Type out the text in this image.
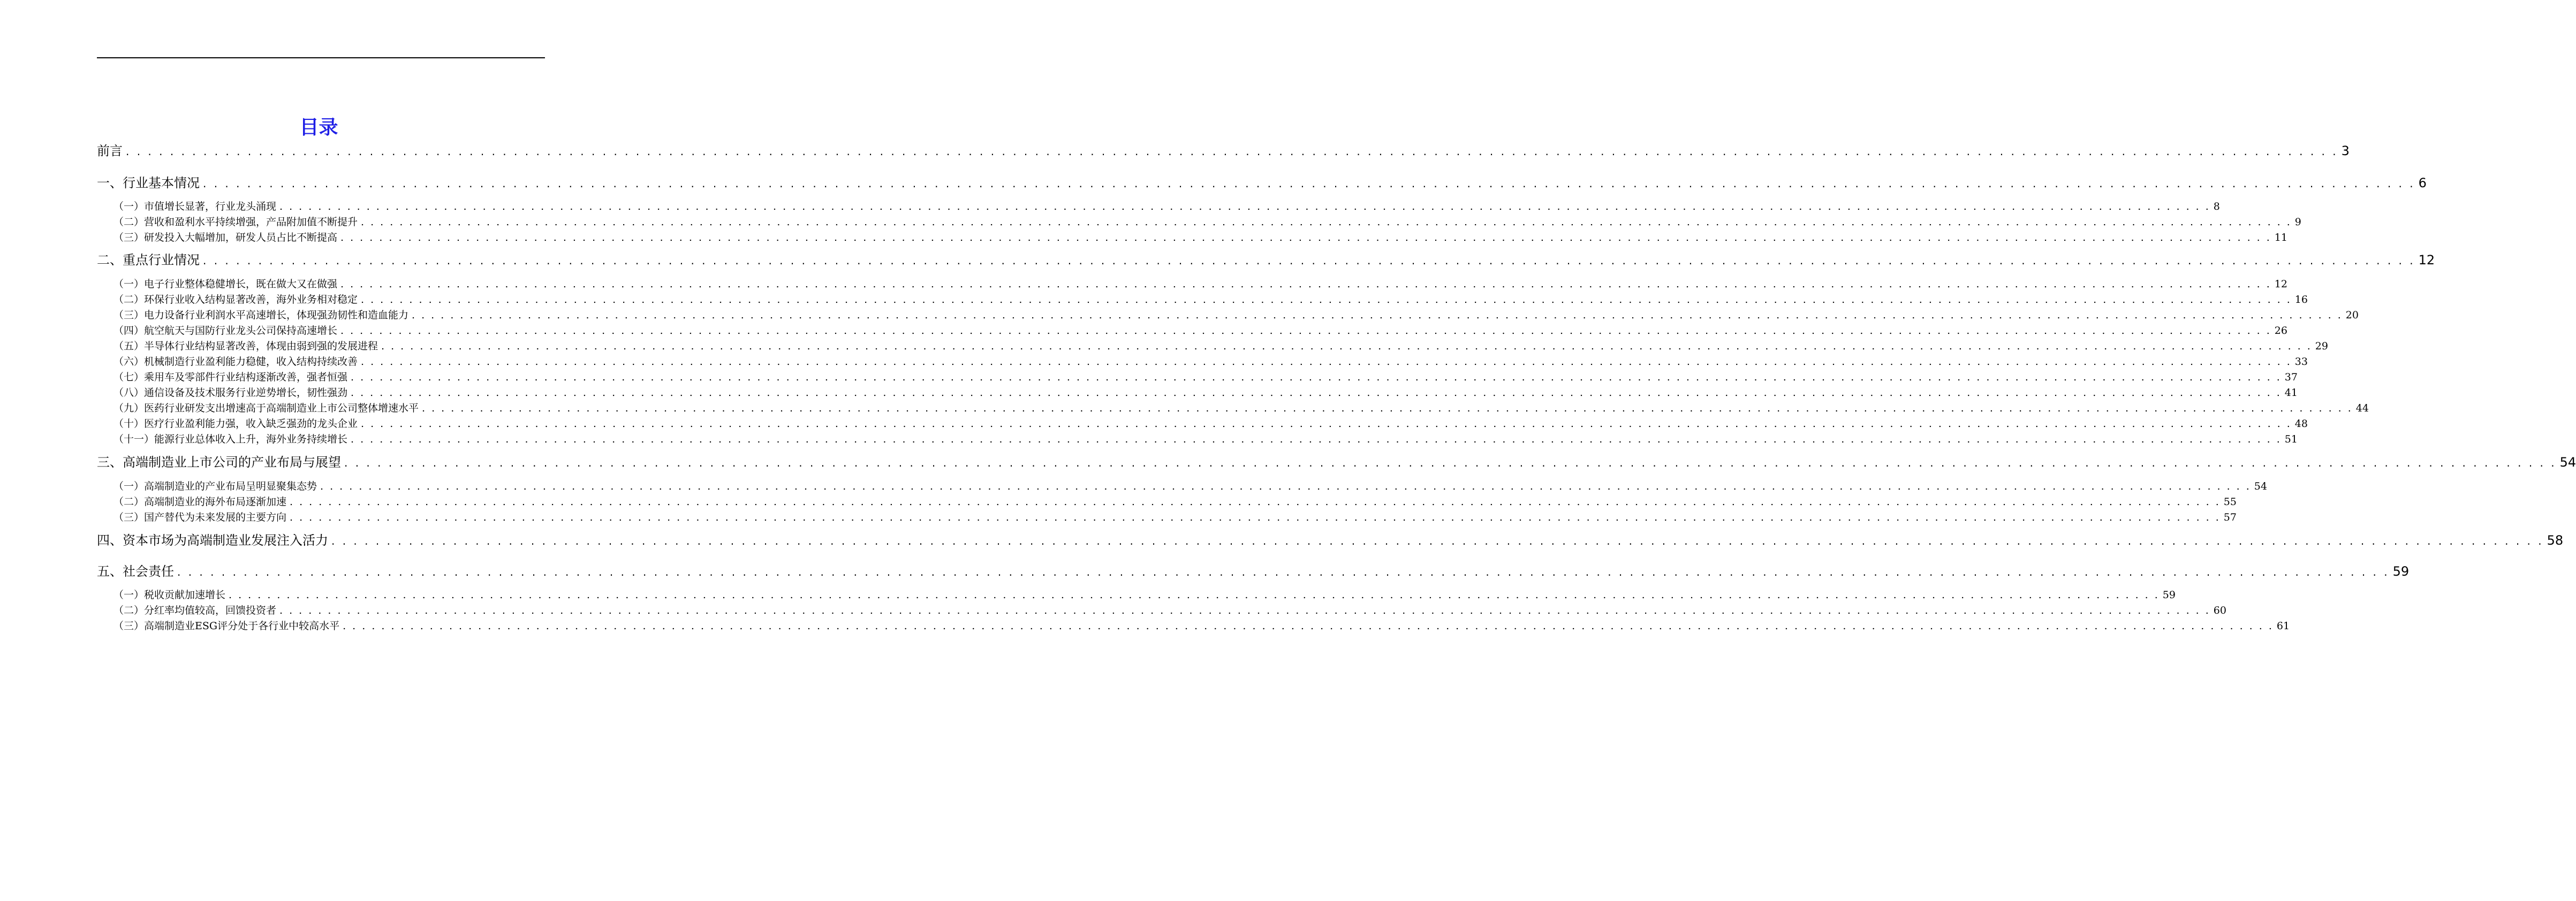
目录
前言 . . . . . . . . . . . . . . . . . . . . . . . . . . . . . . . . . . . . . . . . . . . . . . . . . . . . . . . . . . . . . . . . . . . . . . . . . . . . . . . . . . . . . . . . . . . . . . . . . . . . . . . . . . . . . . . . . . . . . . . . . . . . . . . . . . . . . . . . . . . . . . . . . . . . . . . . . . . . . . . . . . . . . . . . . . . . . . . . . . . . . . . . . . . . . . . . . . . . . . . . 3
一、行业基本情况 . . . . . . . . . . . . . . . . . . . . . . . . . . . . . . . . . . . . . . . . . . . . . . . . . . . . . . . . . . . . . . . . . . . . . . . . . . . . . . . . . . . . . . . . . . . . . . . . . . . . . . . . . . . . . . . . . . . . . . . . . . . . . . . . . . . . . . . . . . . . . . . . . . . . . . . . . . . . . . . . . . . . . . . . . . . . . . . . . . . . . . . . . . . . . . . . . . . . . . . . 6
（一）市值增长显著，行业龙头涌现 . . . . . . . . . . . . . . . . . . . . . . . . . . . . . . . . . . . . . . . . . . . . . . . . . . . . . . . . . . . . . . . . . . . . . . . . . . . . . . . . . . . . . . . . . . . . . . . . . . . . . . . . . . . . . . . . . . . . . . . . . . . . . . . . . . . . . . . . . . . . . . . . . . . . . . . . . . . . . . . . . . . . . . . . . . . . . . . . . . . . . . . . . . . . . . . . . . . . . . . . 8
（二）营收和盈利水平持续增强，产品附加值不断提升 . . . . . . . . . . . . . . . . . . . . . . . . . . . . . . . . . . . . . . . . . . . . . . . . . . . . . . . . . . . . . . . . . . . . . . . . . . . . . . . . . . . . . . . . . . . . . . . . . . . . . . . . . . . . . . . . . . . . . . . . . . . . . . . . . . . . . . . . . . . . . . . . . . . . . . . . . . . . . . . . . . . . . . . . . . . . . . . . . . . . . . . . . . . . . . . . . . . . . . . . 9
（三）研发投入大幅增加，研发人员占比不断提高 . . . . . . . . . . . . . . . . . . . . . . . . . . . . . . . . . . . . . . . . . . . . . . . . . . . . . . . . . . . . . . . . . . . . . . . . . . . . . . . . . . . . . . . . . . . . . . . . . . . . . . . . . . . . . . . . . . . . . . . . . . . . . . . . . . . . . . . . . . . . . . . . . . . . . . . . . . . . . . . . . . . . . . . . . . . . . . . . . . . . . . . . . . . . . . . . . . . . . . . . 11
二、重点行业情况 . . . . . . . . . . . . . . . . . . . . . . . . . . . . . . . . . . . . . . . . . . . . . . . . . . . . . . . . . . . . . . . . . . . . . . . . . . . . . . . . . . . . . . . . . . . . . . . . . . . . . . . . . . . . . . . . . . . . . . . . . . . . . . . . . . . . . . . . . . . . . . . . . . . . . . . . . . . . . . . . . . . . . . . . . . . . . . . . . . . . . . . . . . . . . . . . . . . . . . . . 12
（一）电子行业整体稳健增长，既在做大又在做强 . . . . . . . . . . . . . . . . . . . . . . . . . . . . . . . . . . . . . . . . . . . . . . . . . . . . . . . . . . . . . . . . . . . . . . . . . . . . . . . . . . . . . . . . . . . . . . . . . . . . . . . . . . . . . . . . . . . . . . . . . . . . . . . . . . . . . . . . . . . . . . . . . . . . . . . . . . . . . . . . . . . . . . . . . . . . . . . . . . . . . . . . . . . . . . . . . . . . . . . . 12
（二）环保行业收入结构显著改善，海外业务相对稳定 . . . . . . . . . . . . . . . . . . . . . . . . . . . . . . . . . . . . . . . . . . . . . . . . . . . . . . . . . . . . . . . . . . . . . . . . . . . . . . . . . . . . . . . . . . . . . . . . . . . . . . . . . . . . . . . . . . . . . . . . . . . . . . . . . . . . . . . . . . . . . . . . . . . . . . . . . . . . . . . . . . . . . . . . . . . . . . . . . . . . . . . . . . . . . . . . . . . . . . . . 16
（三）电力设备行业利润水平高速增长，体现强劲韧性和造血能力 . . . . . . . . . . . . . . . . . . . . . . . . . . . . . . . . . . . . . . . . . . . . . . . . . . . . . . . . . . . . . . . . . . . . . . . . . . . . . . . . . . . . . . . . . . . . . . . . . . . . . . . . . . . . . . . . . . . . . . . . . . . . . . . . . . . . . . . . . . . . . . . . . . . . . . . . . . . . . . . . . . . . . . . . . . . . . . . . . . . . . . . . . . . . . . . . . . . . . . . . 20
（四）航空航天与国防行业龙头公司保持高速增长 . . . . . . . . . . . . . . . . . . . . . . . . . . . . . . . . . . . . . . . . . . . . . . . . . . . . . . . . . . . . . . . . . . . . . . . . . . . . . . . . . . . . . . . . . . . . . . . . . . . . . . . . . . . . . . . . . . . . . . . . . . . . . . . . . . . . . . . . . . . . . . . . . . . . . . . . . . . . . . . . . . . . . . . . . . . . . . . . . . . . . . . . . . . . . . . . . . . . . . . . 26
（五）半导体行业结构显著改善，体现由弱到强的发展进程 . . . . . . . . . . . . . . . . . . . . . . . . . . . . . . . . . . . . . . . . . . . . . . . . . . . . . . . . . . . . . . . . . . . . . . . . . . . . . . . . . . . . . . . . . . . . . . . . . . . . . . . . . . . . . . . . . . . . . . . . . . . . . . . . . . . . . . . . . . . . . . . . . . . . . . . . . . . . . . . . . . . . . . . . . . . . . . . . . . . . . . . . . . . . . . . . . . . . . . . . 29
（六）机械制造行业盈利能力稳健，收入结构持续改善 . . . . . . . . . . . . . . . . . . . . . . . . . . . . . . . . . . . . . . . . . . . . . . . . . . . . . . . . . . . . . . . . . . . . . . . . . . . . . . . . . . . . . . . . . . . . . . . . . . . . . . . . . . . . . . . . . . . . . . . . . . . . . . . . . . . . . . . . . . . . . . . . . . . . . . . . . . . . . . . . . . . . . . . . . . . . . . . . . . . . . . . . . . . . . . . . . . . . . . . . 33
（七）乘用车及零部件行业结构逐渐改善，强者恒强 . . . . . . . . . . . . . . . . . . . . . . . . . . . . . . . . . . . . . . . . . . . . . . . . . . . . . . . . . . . . . . . . . . . . . . . . . . . . . . . . . . . . . . . . . . . . . . . . . . . . . . . . . . . . . . . . . . . . . . . . . . . . . . . . . . . . . . . . . . . . . . . . . . . . . . . . . . . . . . . . . . . . . . . . . . . . . . . . . . . . . . . . . . . . . . . . . . . . . . . . 37
（八）通信设备及技术服务行业逆势增长，韧性强劲 . . . . . . . . . . . . . . . . . . . . . . . . . . . . . . . . . . . . . . . . . . . . . . . . . . . . . . . . . . . . . . . . . . . . . . . . . . . . . . . . . . . . . . . . . . . . . . . . . . . . . . . . . . . . . . . . . . . . . . . . . . . . . . . . . . . . . . . . . . . . . . . . . . . . . . . . . . . . . . . . . . . . . . . . . . . . . . . . . . . . . . . . . . . . . . . . . . . . . . . . 41
（九）医药行业研发支出增速高于高端制造业上市公司整体增速水平 . . . . . . . . . . . . . . . . . . . . . . . . . . . . . . . . . . . . . . . . . . . . . . . . . . . . . . . . . . . . . . . . . . . . . . . . . . . . . . . . . . . . . . . . . . . . . . . . . . . . . . . . . . . . . . . . . . . . . . . . . . . . . . . . . . . . . . . . . . . . . . . . . . . . . . . . . . . . . . . . . . . . . . . . . . . . . . . . . . . . . . . . . . . . . . . . . . . . . . . . 44
（十）医疗行业盈利能力强，收入缺乏强劲的龙头企业 . . . . . . . . . . . . . . . . . . . . . . . . . . . . . . . . . . . . . . . . . . . . . . . . . . . . . . . . . . . . . . . . . . . . . . . . . . . . . . . . . . . . . . . . . . . . . . . . . . . . . . . . . . . . . . . . . . . . . . . . . . . . . . . . . . . . . . . . . . . . . . . . . . . . . . . . . . . . . . . . . . . . . . . . . . . . . . . . . . . . . . . . . . . . . . . . . . . . . . . . 48
（十一）能源行业总体收入上升，海外业务持续增长 . . . . . . . . . . . . . . . . . . . . . . . . . . . . . . . . . . . . . . . . . . . . . . . . . . . . . . . . . . . . . . . . . . . . . . . . . . . . . . . . . . . . . . . . . . . . . . . . . . . . . . . . . . . . . . . . . . . . . . . . . . . . . . . . . . . . . . . . . . . . . . . . . . . . . . . . . . . . . . . . . . . . . . . . . . . . . . . . . . . . . . . . . . . . . . . . . . . . . . . . 51
三、高端制造业上市公司的产业布局与展望 . . . . . . . . . . . . . . . . . . . . . . . . . . . . . . . . . . . . . . . . . . . . . . . . . . . . . . . . . . . . . . . . . . . . . . . . . . . . . . . . . . . . . . . . . . . . . . . . . . . . . . . . . . . . . . . . . . . . . . . . . . . . . . . . . . . . . . . . . . . . . . . . . . . . . . . . . . . . . . . . . . . . . . . . . . . . . . . . . . . . . . . . . . . . . . . . . . . . . . . . 54
（一）高端制造业的产业布局呈明显聚集态势 . . . . . . . . . . . . . . . . . . . . . . . . . . . . . . . . . . . . . . . . . . . . . . . . . . . . . . . . . . . . . . . . . . . . . . . . . . . . . . . . . . . . . . . . . . . . . . . . . . . . . . . . . . . . . . . . . . . . . . . . . . . . . . . . . . . . . . . . . . . . . . . . . . . . . . . . . . . . . . . . . . . . . . . . . . . . . . . . . . . . . . . . . . . . . . . . . . . . . . . . 54
（二）高端制造业的海外布局逐渐加速 . . . . . . . . . . . . . . . . . . . . . . . . . . . . . . . . . . . . . . . . . . . . . . . . . . . . . . . . . . . . . . . . . . . . . . . . . . . . . . . . . . . . . . . . . . . . . . . . . . . . . . . . . . . . . . . . . . . . . . . . . . . . . . . . . . . . . . . . . . . . . . . . . . . . . . . . . . . . . . . . . . . . . . . . . . . . . . . . . . . . . . . . . . . . . . . . . . . . . . . . 55
（三）国产替代为未来发展的主要方向 . . . . . . . . . . . . . . . . . . . . . . . . . . . . . . . . . . . . . . . . . . . . . . . . . . . . . . . . . . . . . . . . . . . . . . . . . . . . . . . . . . . . . . . . . . . . . . . . . . . . . . . . . . . . . . . . . . . . . . . . . . . . . . . . . . . . . . . . . . . . . . . . . . . . . . . . . . . . . . . . . . . . . . . . . . . . . . . . . . . . . . . . . . . . . . . . . . . . . . . . 57
四、资本市场为高端制造业发展注入活力 . . . . . . . . . . . . . . . . . . . . . . . . . . . . . . . . . . . . . . . . . . . . . . . . . . . . . . . . . . . . . . . . . . . . . . . . . . . . . . . . . . . . . . . . . . . . . . . . . . . . . . . . . . . . . . . . . . . . . . . . . . . . . . . . . . . . . . . . . . . . . . . . . . . . . . . . . . . . . . . . . . . . . . . . . . . . . . . . . . . . . . . . . . . . . . . . . . . . . . . . 58
五、社会责任 . . . . . . . . . . . . . . . . . . . . . . . . . . . . . . . . . . . . . . . . . . . . . . . . . . . . . . . . . . . . . . . . . . . . . . . . . . . . . . . . . . . . . . . . . . . . . . . . . . . . . . . . . . . . . . . . . . . . . . . . . . . . . . . . . . . . . . . . . . . . . . . . . . . . . . . . . . . . . . . . . . . . . . . . . . . . . . . . . . . . . . . . . . . . . . . . . . . . . . . . 59
（一）税收贡献加速增长 . . . . . . . . . . . . . . . . . . . . . . . . . . . . . . . . . . . . . . . . . . . . . . . . . . . . . . . . . . . . . . . . . . . . . . . . . . . . . . . . . . . . . . . . . . . . . . . . . . . . . . . . . . . . . . . . . . . . . . . . . . . . . . . . . . . . . . . . . . . . . . . . . . . . . . . . . . . . . . . . . . . . . . . . . . . . . . . . . . . . . . . . . . . . . . . . . . . . . . . . 59
（二）分红率均值较高，回馈投资者 . . . . . . . . . . . . . . . . . . . . . . . . . . . . . . . . . . . . . . . . . . . . . . . . . . . . . . . . . . . . . . . . . . . . . . . . . . . . . . . . . . . . . . . . . . . . . . . . . . . . . . . . . . . . . . . . . . . . . . . . . . . . . . . . . . . . . . . . . . . . . . . . . . . . . . . . . . . . . . . . . . . . . . . . . . . . . . . . . . . . . . . . . . . . . . . . . . . . . . . . 60
（三）高端制造业ESG评分处于各行业中较高水平 . . . . . . . . . . . . . . . . . . . . . . . . . . . . . . . . . . . . . . . . . . . . . . . . . . . . . . . . . . . . . . . . . . . . . . . . . . . . . . . . . . . . . . . . . . . . . . . . . . . . . . . . . . . . . . . . . . . . . . . . . . . . . . . . . . . . . . . . . . . . . . . . . . . . . . . . . . . . . . . . . . . . . . . . . . . . . . . . . . . . . . . . . . . . . . . . . . . . . . . . 61
